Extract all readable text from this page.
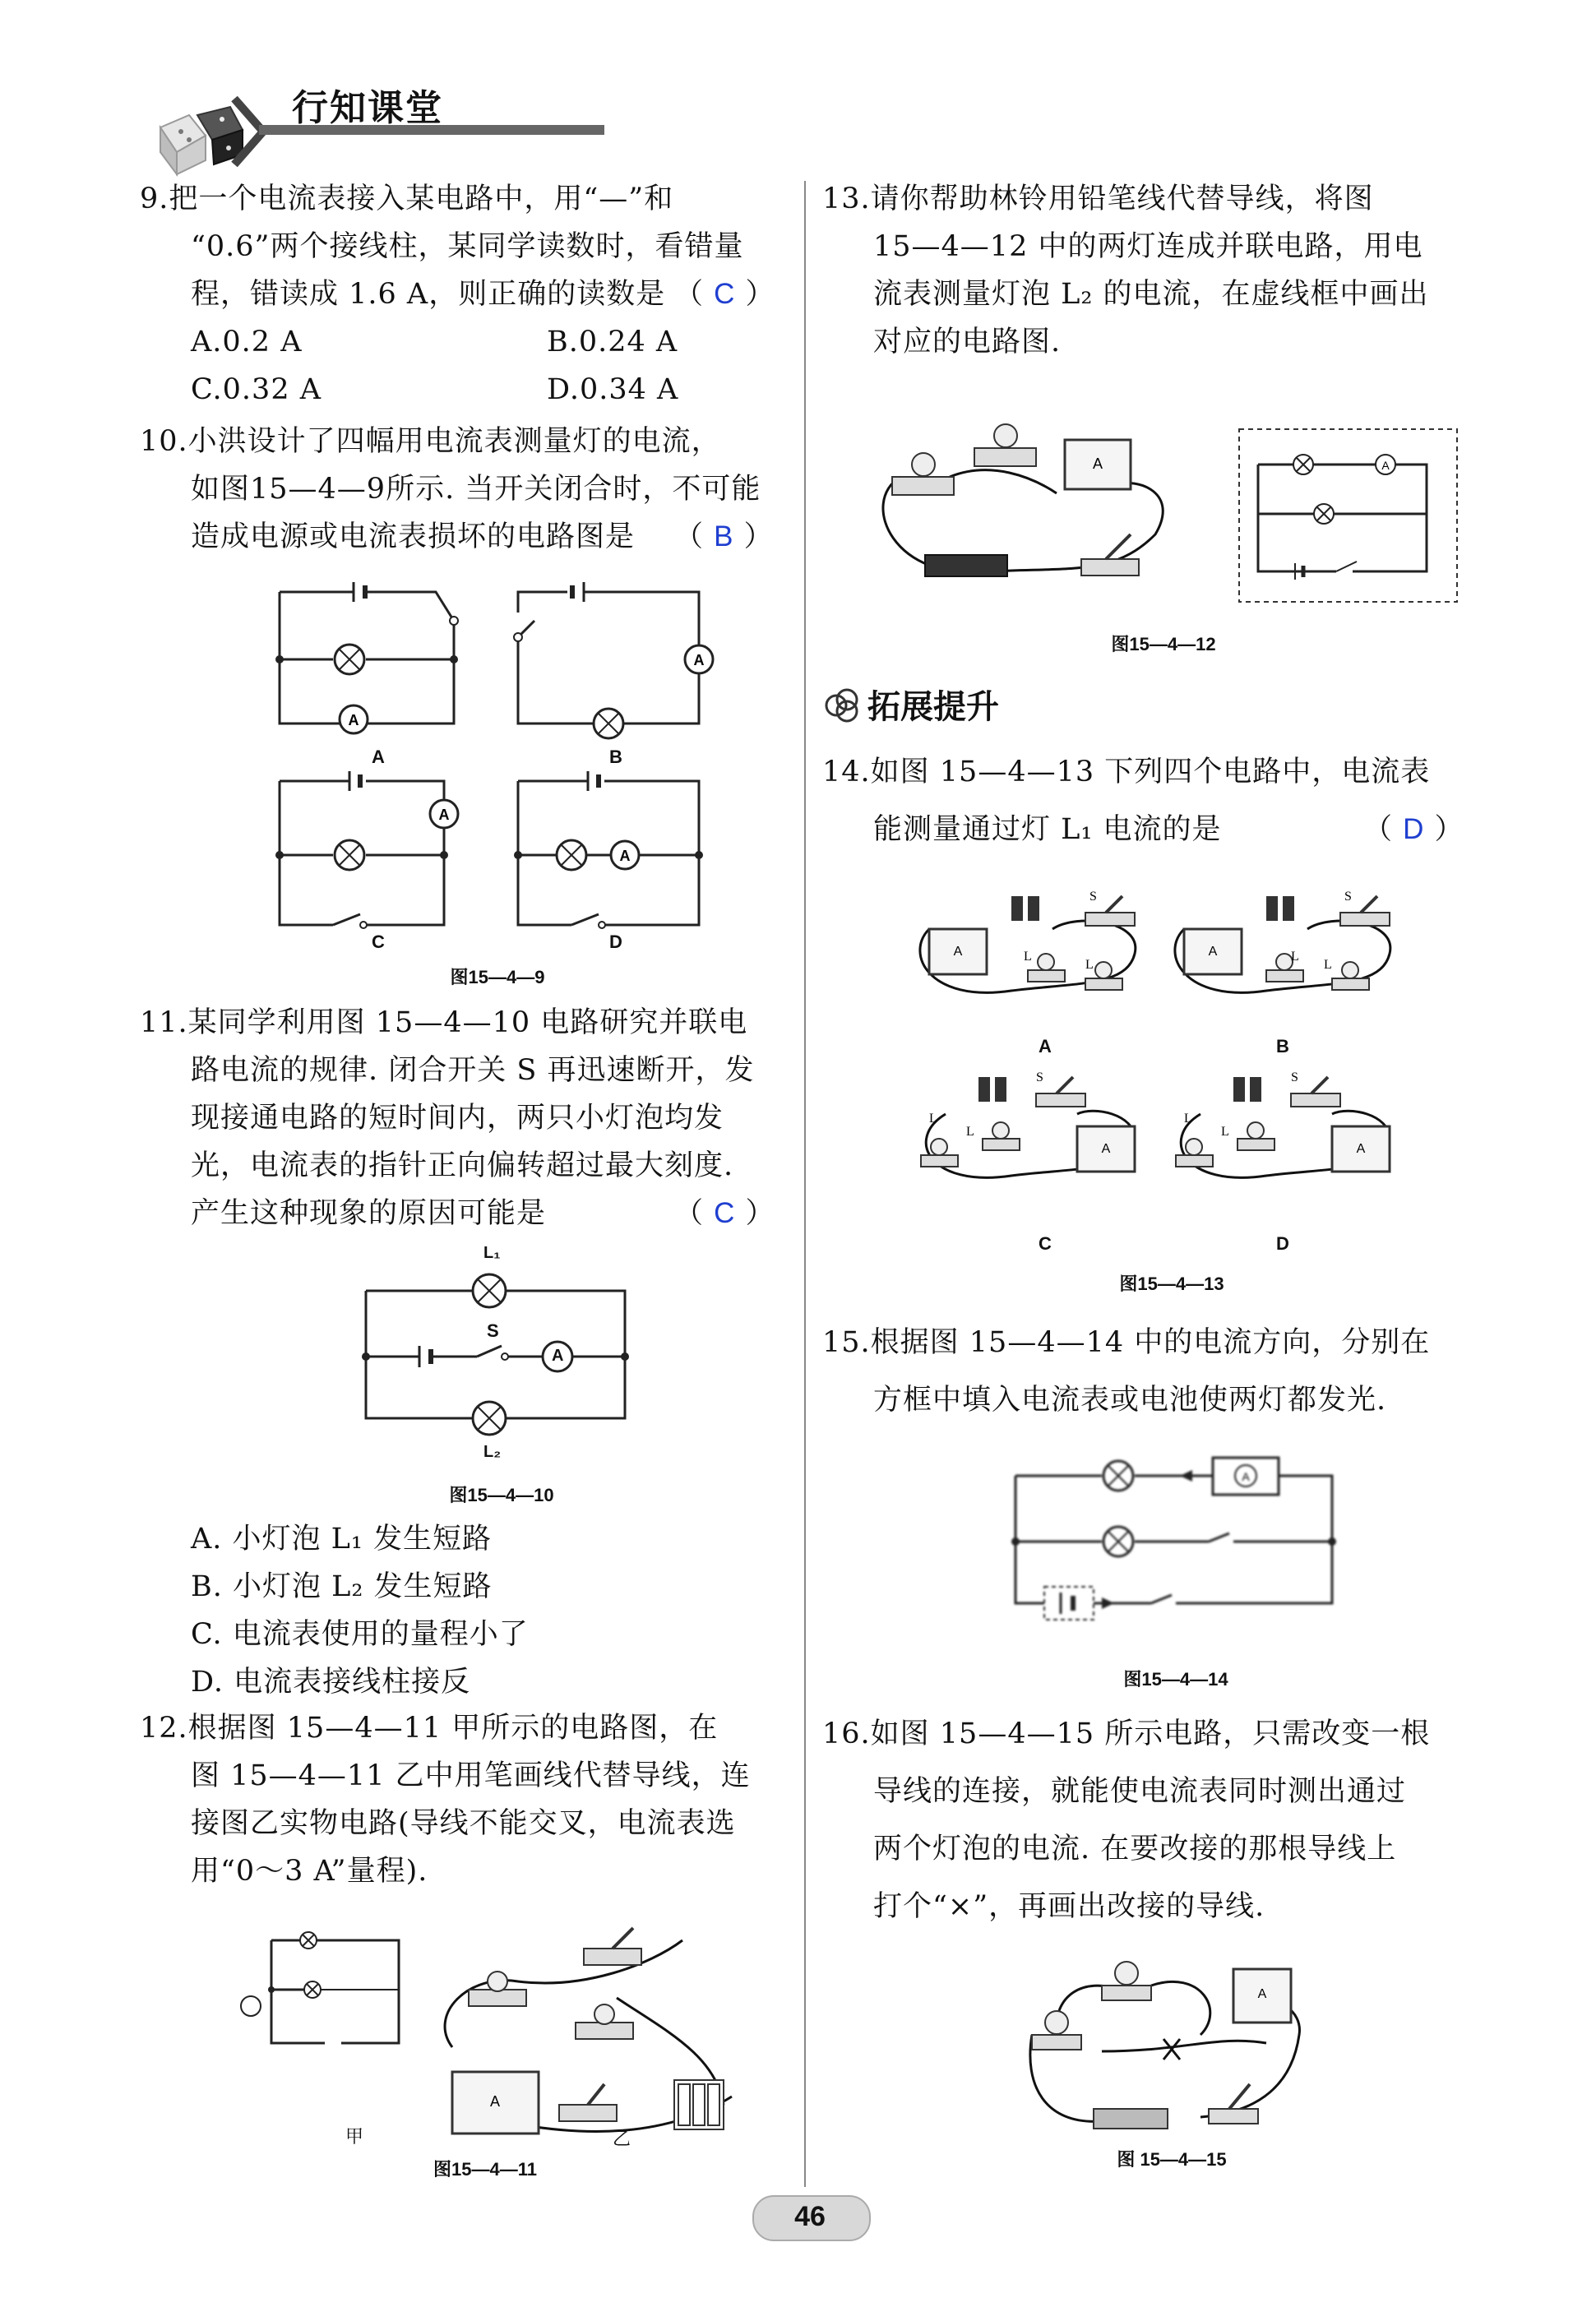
行知课堂

9.把一个电流表接入某电路中，用“—”和

“0.6”两个接线柱，某同学读数时，看错量

程，错读成 1.6 A，则正确的读数是 （ C ）

A.0.2 A	B.0.24 A
C.0.32 A	D.0.34 A

10.小洪设计了四幅用电流表测量灯的电流，

如图15—4—9所示. 当开关闭合时，不可能

造成电源或电流表损坏的电路图是 （ B ）

A
A
A
A
A	B
C	D
图15—4—9

11.某同学利用图 15—4—10 电路研究并联电

路电流的规律. 闭合开关 S 再迅速断开，发

现接通电路的短时间内，两只小灯泡均发

光，电流表的指针正向偏转超过最大刻度.

产生这种现象的原因可能是	（ C ）

L₁
S
A
L₂
图15—4—10

A. 小灯泡 L₁ 发生短路

B. 小灯泡 L₂ 发生短路

C. 电流表使用的量程小了

D. 电流表接线柱接反

12.根据图 15—4—11 甲所示的电路图，在

图 15—4—11 乙中用笔画线代替导线，连

接图乙实物电路(导线不能交叉，电流表选

用“0～3 A”量程).

A
甲	乙
图15—4—11

13.请你帮助林铃用铅笔线代替导线，将图

15—4—12 中的两灯连成并联电路，用电

流表测量灯泡 L₂ 的电流，在虚线框中画出

对应的电路图.

A	A
图15—4—12
拓展提升

14.如图 15—4—13 下列四个电路中，电流表

能测量通过灯 L₁ 电流的是	（ D ）

A	L
L
S
A	L
L
S
A
L
L
S
A
L
L
S
A	B
C	D
图15—4—13

15.根据图 15—4—14 中的电流方向，分别在

方框中填入电流表或电池使两灯都发光.

A
图15—4—14

16.如图 15—4—15 所示电路，只需改变一根

导线的连接，就能使电流表同时测出通过

两个灯泡的电流. 在要改接的那根导线上

打个“×”，再画出改接的导线.

A
图 15—4—15
46
